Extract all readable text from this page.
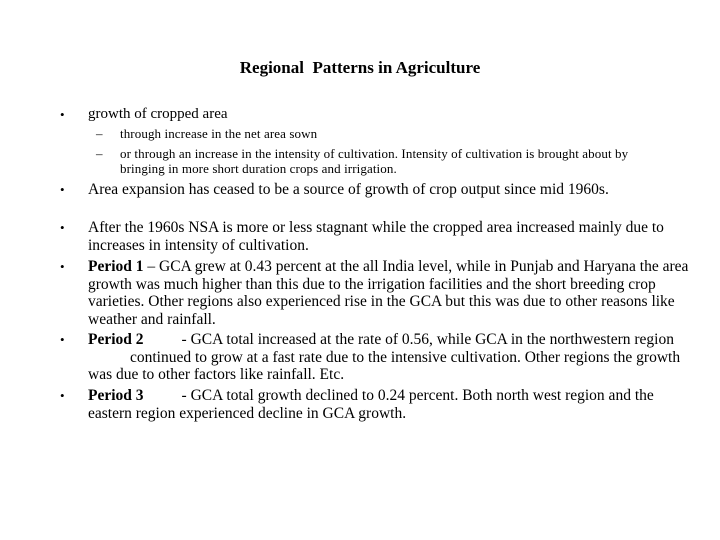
Regional  Patterns in Agriculture
• growth of cropped area
– through increase in the net area sown
– or through an increase in the intensity of cultivation. Intensity of cultivation is brought about by bringing in more short duration crops and irrigation.
• Area expansion has ceased to be a source of growth of crop output since mid 1960s.
• After the 1960s NSA is more or less stagnant while the cropped area increased mainly due to increases in intensity of cultivation.
• Period 1 – GCA grew at 0.43 percent at the all India level, while in Punjab and Haryana the area growth was much higher than this due to the irrigation facilities and the short breeding crop varieties. Other regions also experienced rise in the GCA but this was due to other reasons like weather and rainfall.
• Period 2 - GCA total increased at the rate of 0.56, while GCA in the northwestern regioncontinued to grow at a fast rate due to the intensive cultivation. Other regions the growth was due to other factors like rainfall. Etc.
• Period 3 - GCA total growth declined to 0.24 percent. Both north west region and the eastern region experienced decline in GCA growth.
